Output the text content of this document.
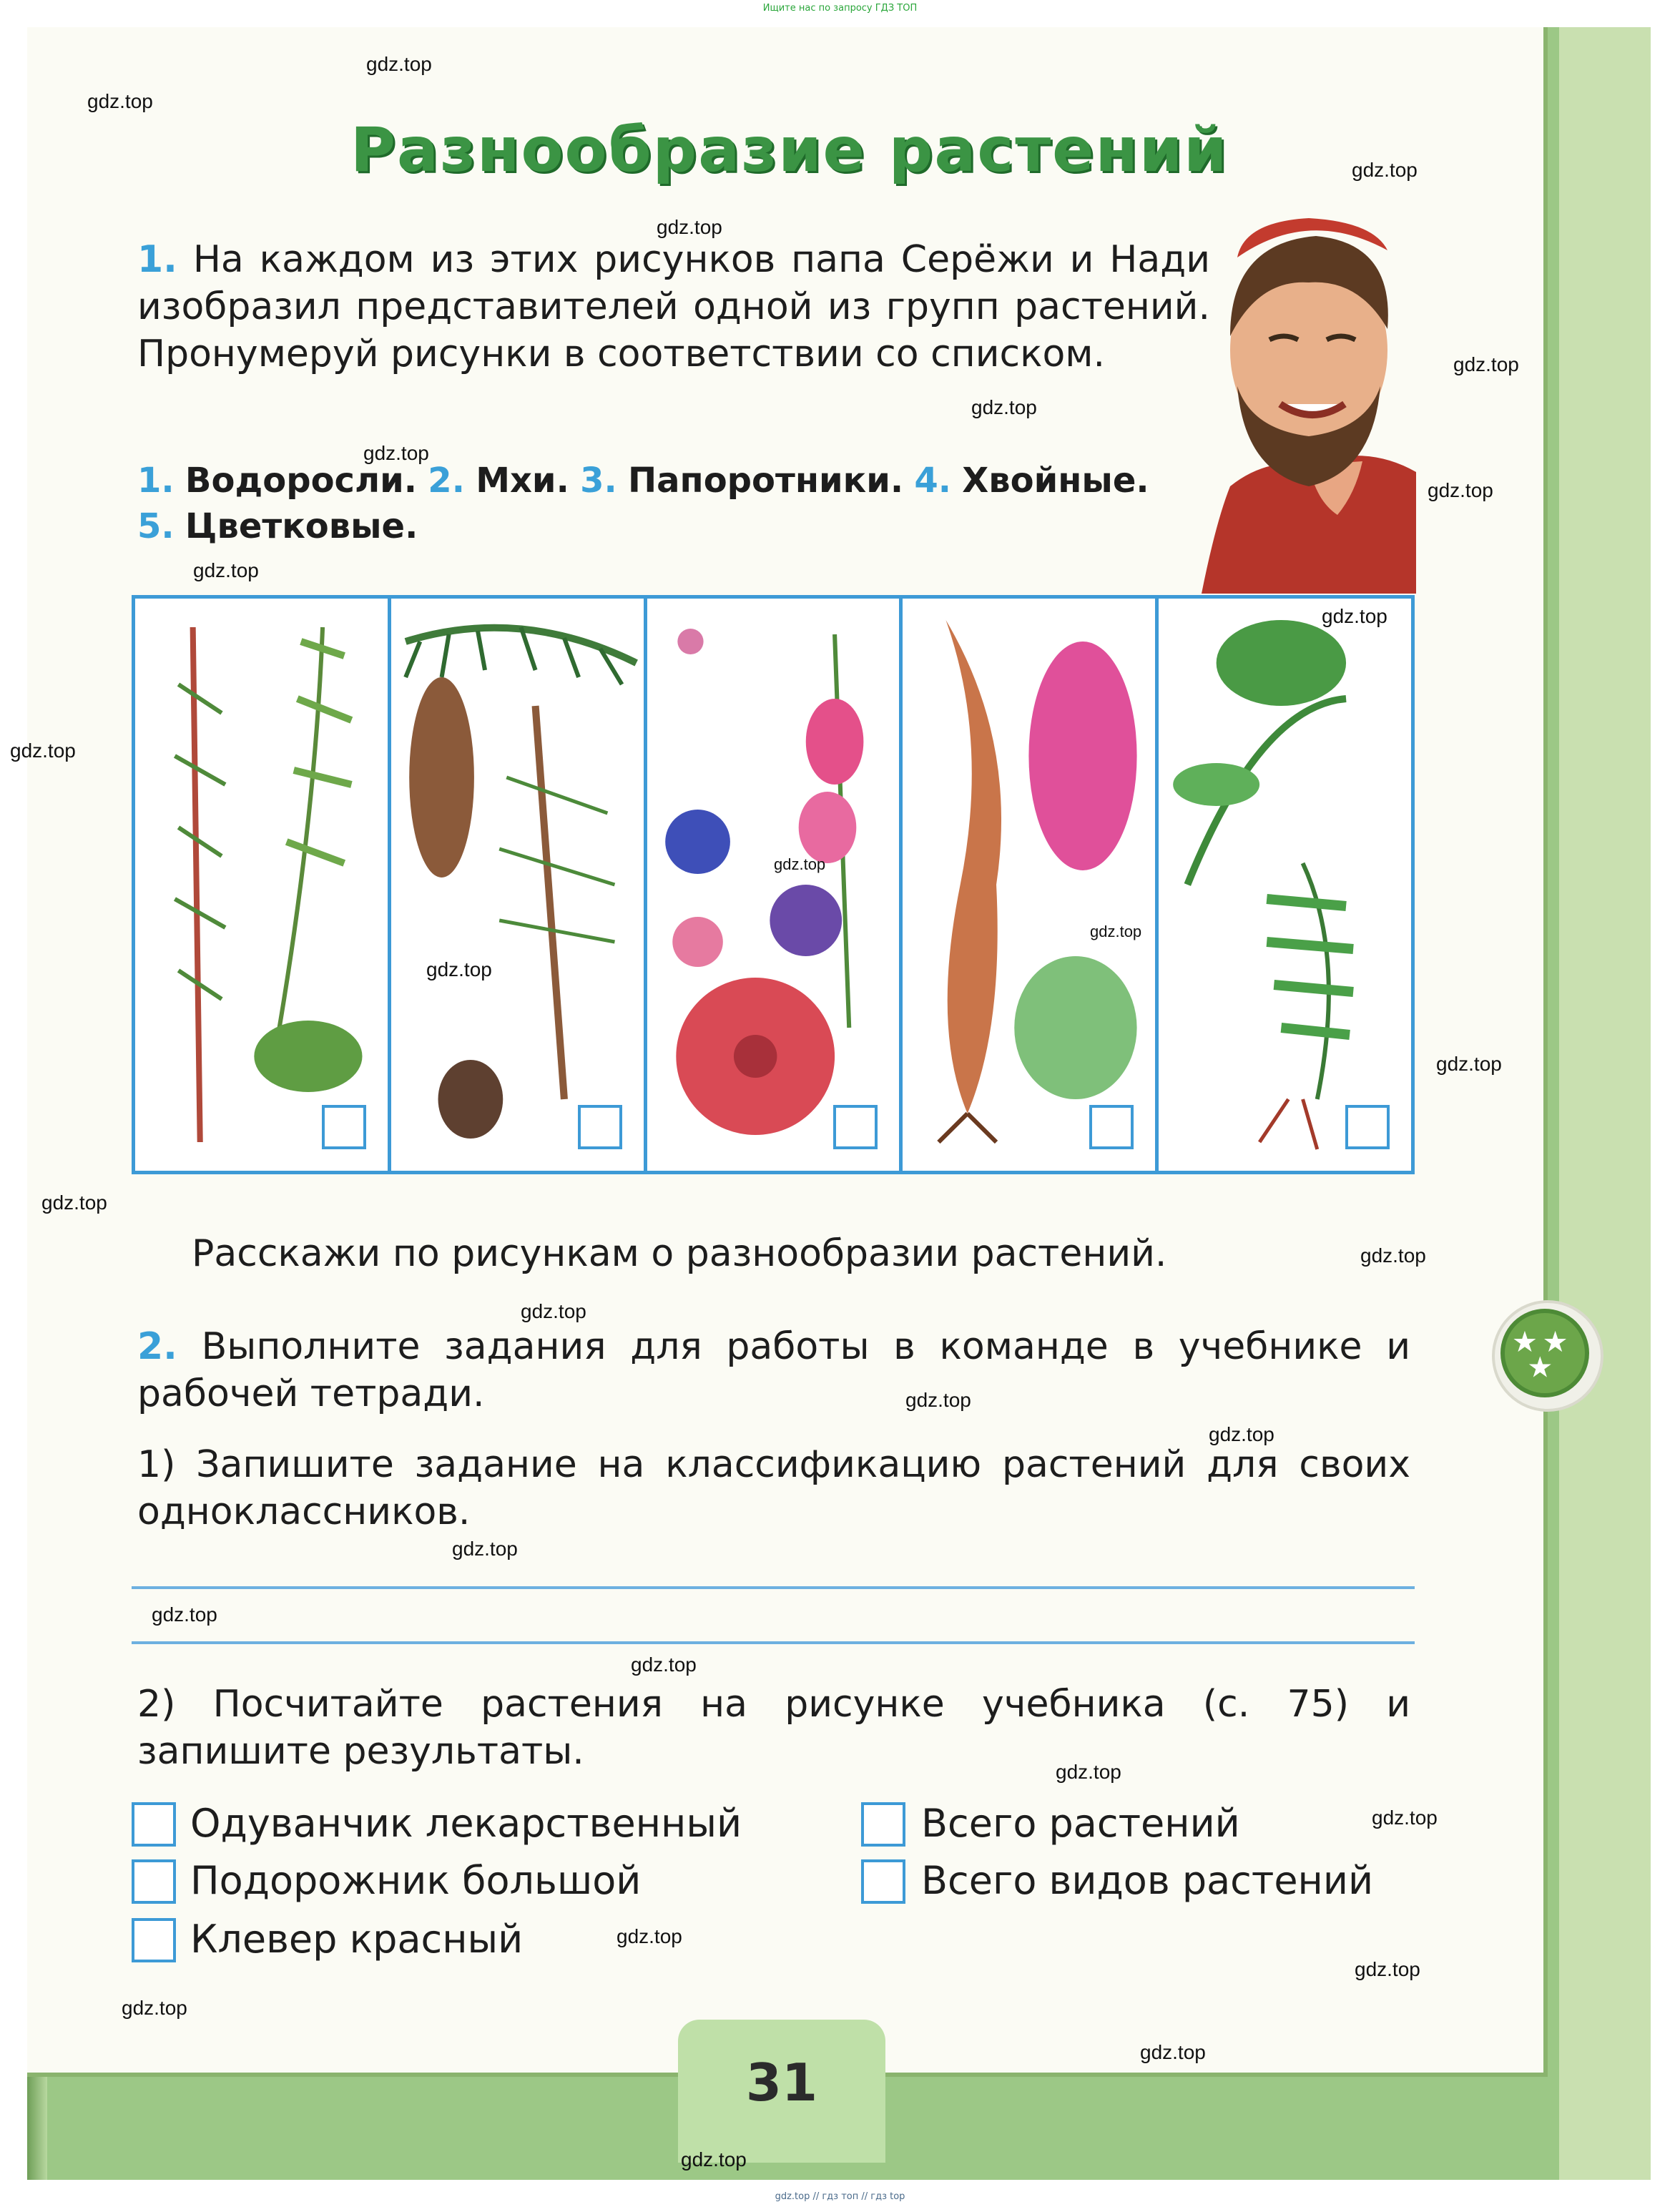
Ищите нас по запросу ГДЗ ТОП
Разнообразие растений
1. На каждом из этих рисунков папа Серёжи и Нади изобразил представителей одной из групп растений. Пронумеруй рисунки в соответствии со списком.
1. Водоросли. 2. Мхи. 3. Папоротники. 4. Хвойные. 5. Цветковые.
Расскажи по рисункам о разнообразии растений.
★ ★
★
2. Выполните задания для работы в команде в учебнике и рабочей тетради.
1) Запишите задание на классификацию растений для своих одноклассников.
2) Посчитайте растения на рисунке учебника (с. 75) и запишите результаты.
Одуванчик лекарственный
Подорожник большой
Клевер красный
Всего растений
Всего видов растений
31
gdz.top
gdz.top
gdz.top
gdz.top
gdz.top
gdz.top
gdz.top
gdz.top
gdz.top
gdz.top
gdz.top
gdz.top
gdz.top
gdz.top
gdz.top
gdz.top
gdz.top
gdz.top
gdz.top
gdz.top
gdz.top
gdz.top
gdz.top
gdz.top
gdz.top
gdz.top
gdz.top
gdz.top
gdz.top
gdz.top
gdz.top // гдз топ // гдз top
